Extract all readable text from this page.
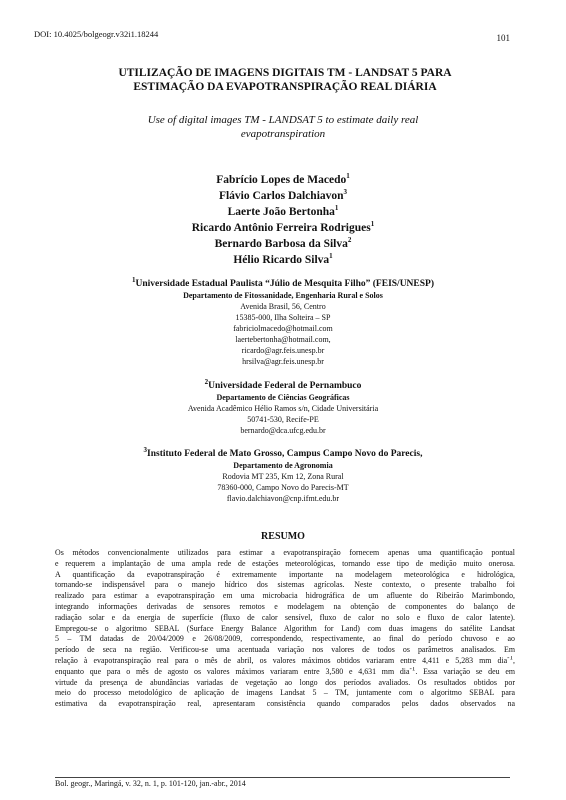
DOI: 10.4025/bolgeogr.v32i1.18244	101
UTILIZAÇÃO DE IMAGENS DIGITAIS TM - LANDSAT 5 PARA
ESTIMAÇÃO DA EVAPOTRANSPIRAÇÃO REAL DIÁRIA
Use of digital images TM - LANDSAT 5 to estimate daily real
evapotranspiration
Fabrício Lopes de Macedo$^1$
Flávio Carlos Dalchiavon$^3$
Laerte João Bertonha$^1$
Ricardo Antônio Ferreira Rodrigues$^1$
Bernardo Barbosa da Silva$^2$
Hélio Ricardo Silva$^1$
$^1$Universidade Estadual Paulista “Júlio de Mesquita Filho” (FEIS/UNESP)
Departamento de Fitossanidade, Engenharia Rural e Solos
Avenida Brasil, 56, Centro
15385-000, Ilha Solteira – SP
fabriciolmacedo@hotmail.com
laertebertonha@hotmail.com,
ricardo@agr.feis.unesp.br
hrsilva@agr.feis.unesp.br
$^2$Universidade Federal de Pernambuco
Departamento de Ciências Geográficas
Avenida Acadêmico Hélio Ramos s/n, Cidade Universitária
50741-530, Recife-PE
bernardo@dca.ufcg.edu.br
$^3$Instituto Federal de Mato Grosso, Campus Campo Novo do Parecis,
Departamento de Agronomia
Rodovia MT 235, Km 12, Zona Rural
78360-000, Campo Novo do Parecis-MT
flavio.dalchiavon@cnp.ifmt.edu.br
RESUMO
Os métodos convencionalmente utilizados para estimar a evapotranspiração fornecem apenas uma quantificação pontual
e requerem a implantação de uma ampla rede de estações meteorológicas, tornando esse tipo de medição muito onerosa.
A quantificação da evapotranspiração é extremamente importante na modelagem meteorológica e hidrológica,
tornando-se indispensável para o manejo hídrico dos sistemas agrícolas. Neste contexto, o presente trabalho foi
realizado para estimar a evapotranspiração em uma microbacia hidrográfica de um afluente do Ribeirão Marimbondo,
integrando informações derivadas de sensores remotos e modelagem na obtenção de componentes do balanço de
radiação solar e da energia de superfície (fluxo de calor sensível, fluxo de calor no solo e fluxo de calor latente).
Empregou-se o algoritmo SEBAL (Surface Energy Balance Algorithm for Land) com duas imagens do satélite Landsat
5 – TM datadas de 20/04/2009 e 26/08/2009, correspondendo, respectivamente, ao final do período chuvoso e ao
período de seca na região. Verificou-se uma acentuada variação nos valores de todos os parâmetros analisados. Em
relação à evapotranspiração real para o mês de abril, os valores máximos obtidos variaram entre 4,411 e 5,283 mm dia$^{-1}$,
enquanto que para o mês de agosto os valores máximos variaram entre 3,580 e 4,631 mm dia$^{-1}$. Essa variação se deu em
virtude da presença de abundâncias variadas de vegetação ao longo dos períodos avaliados. Os resultados obtidos por
meio do processo metodológico de aplicação de imagens Landsat 5 – TM, juntamente com o algoritmo SEBAL para
estimativa da evapotranspiração real, apresentaram consistência quando comparados pelos dados observados na
Bol. geogr., Maringá, v. 32, n. 1, p. 101-120, jan.-abr., 2014
